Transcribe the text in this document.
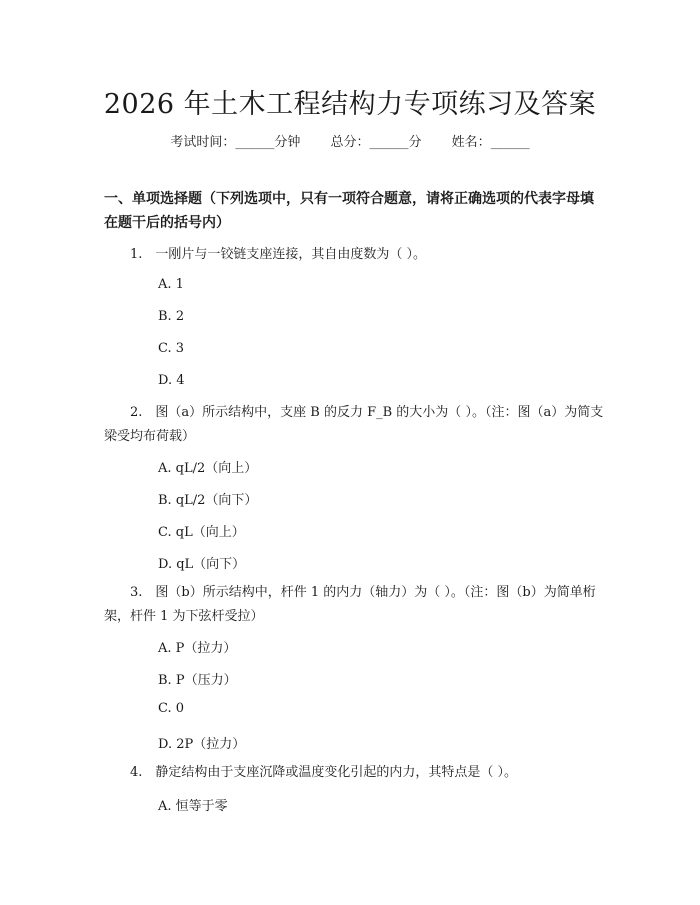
2026 年土木工程结构力专项练习及答案
考试时间：______分钟 总分：______分 姓名：______
一、单项选择题（下列选项中，只有一项符合题意，请将正确选项的代表字母填在题干后的括号内）
1.　一刚片与一铰链支座连接，其自由度数为（ ）。
A. 1
B. 2
C. 3
D. 4
2.　图（a）所示结构中，支座 B 的反力 F_B 的大小为（ ）。（注：图（a）为简支梁受均布荷载）
A. qL/2（向上）
B. qL/2（向下）
C. qL（向上）
D. qL（向下）
3.　图（b）所示结构中，杆件 1 的内力（轴力）为（ ）。（注：图（b）为简单桁架，杆件 1 为下弦杆受拉）
A. P（拉力）
B. P（压力）
C. 0
D. 2P（拉力）
4.　静定结构由于支座沉降或温度变化引起的内力，其特点是（ ）。
A. 恒等于零
